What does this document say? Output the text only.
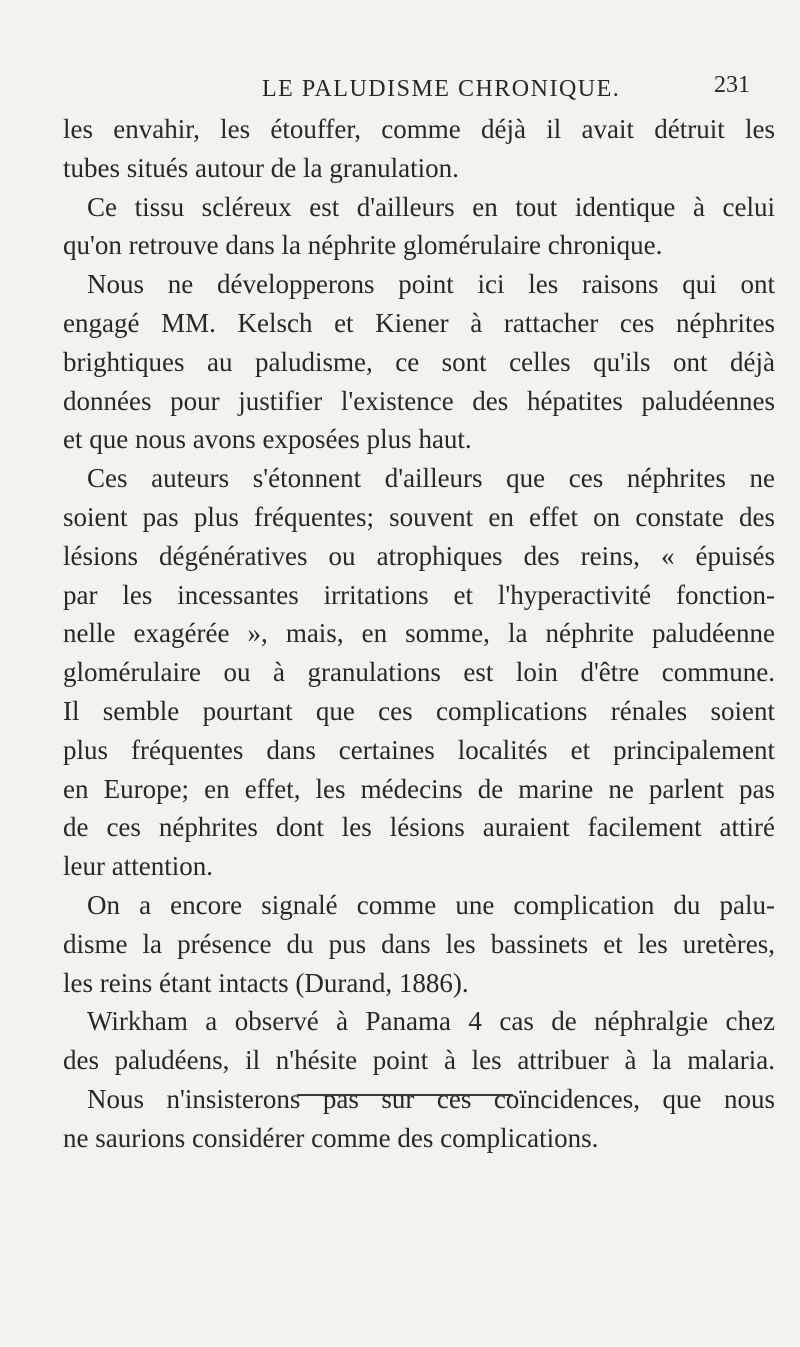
LE PALUDISME CHRONIQUE.	231
les envahir, les étouffer, comme déjà il avait détruit les
tubes situés autour de la granulation.
Ce tissu scléreux est d'ailleurs en tout identique à celui
qu'on retrouve dans la néphrite glomérulaire chronique.
Nous ne développerons point ici les raisons qui ont
engagé MM. Kelsch et Kiener à rattacher ces néphrites
brightiques au paludisme, ce sont celles qu'ils ont déjà
données pour justifier l'existence des hépatites paludéennes
et que nous avons exposées plus haut.
Ces auteurs s'étonnent d'ailleurs que ces néphrites ne
soient pas plus fréquentes; souvent en effet on constate des
lésions dégénératives ou atrophiques des reins, « épuisés
par les incessantes irritations et l'hyperactivité fonction-
nelle exagérée », mais, en somme, la néphrite paludéenne
glomérulaire ou à granulations est loin d'être commune.
Il semble pourtant que ces complications rénales soient
plus fréquentes dans certaines localités et principalement
en Europe; en effet, les médecins de marine ne parlent pas
de ces néphrites dont les lésions auraient facilement attiré
leur attention.
On a encore signalé comme une complication du palu-
disme la présence du pus dans les bassinets et les uretères,
les reins étant intacts (Durand, 1886).
Wirkham a observé à Panama 4 cas de néphralgie chez
des paludéens, il n'hésite point à les attribuer à la malaria.
Nous n'insisterons pas sur ces coïncidences, que nous
ne saurions considérer comme des complications.
